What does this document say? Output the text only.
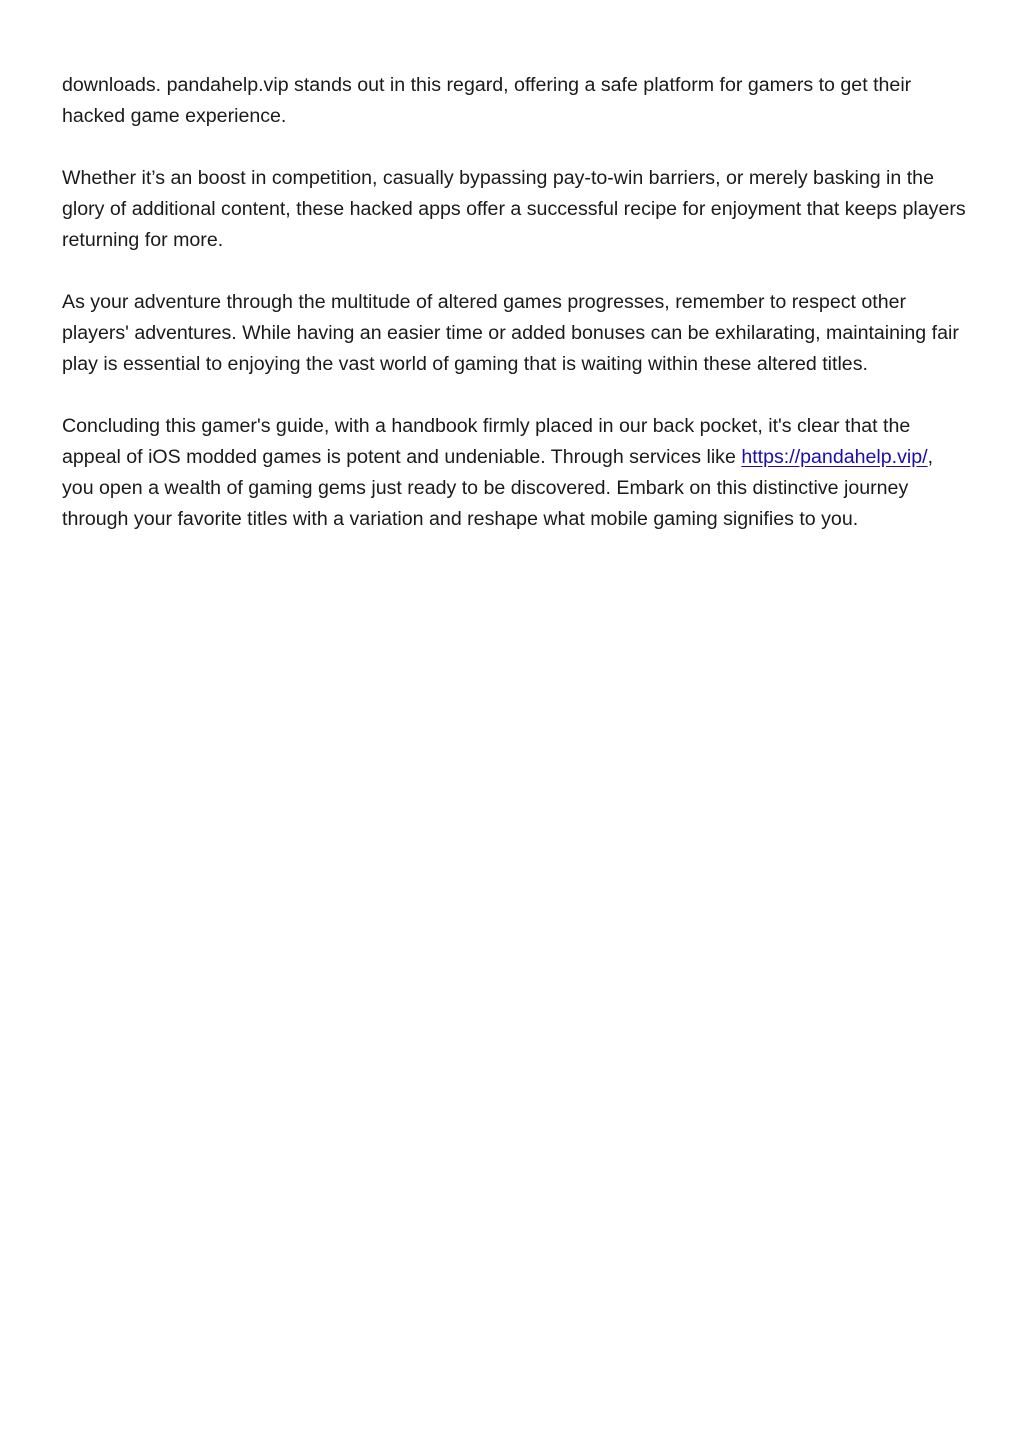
downloads. pandahelp.vip stands out in this regard, offering a safe platform for gamers to get their hacked game experience.

Whether it’s an boost in competition, casually bypassing pay-to-win barriers, or merely basking in the glory of additional content, these hacked apps offer a successful recipe for enjoyment that keeps players returning for more.

As your adventure through the multitude of altered games progresses, remember to respect other players' adventures. While having an easier time or added bonuses can be exhilarating, maintaining fair play is essential to enjoying the vast world of gaming that is waiting within these altered titles.

Concluding this gamer's guide, with a handbook firmly placed in our back pocket, it's clear that the appeal of iOS modded games is potent and undeniable. Through services like https://pandahelp.vip/, you open a wealth of gaming gems just ready to be discovered. Embark on this distinctive journey through your favorite titles with a variation and reshape what mobile gaming signifies to you.
